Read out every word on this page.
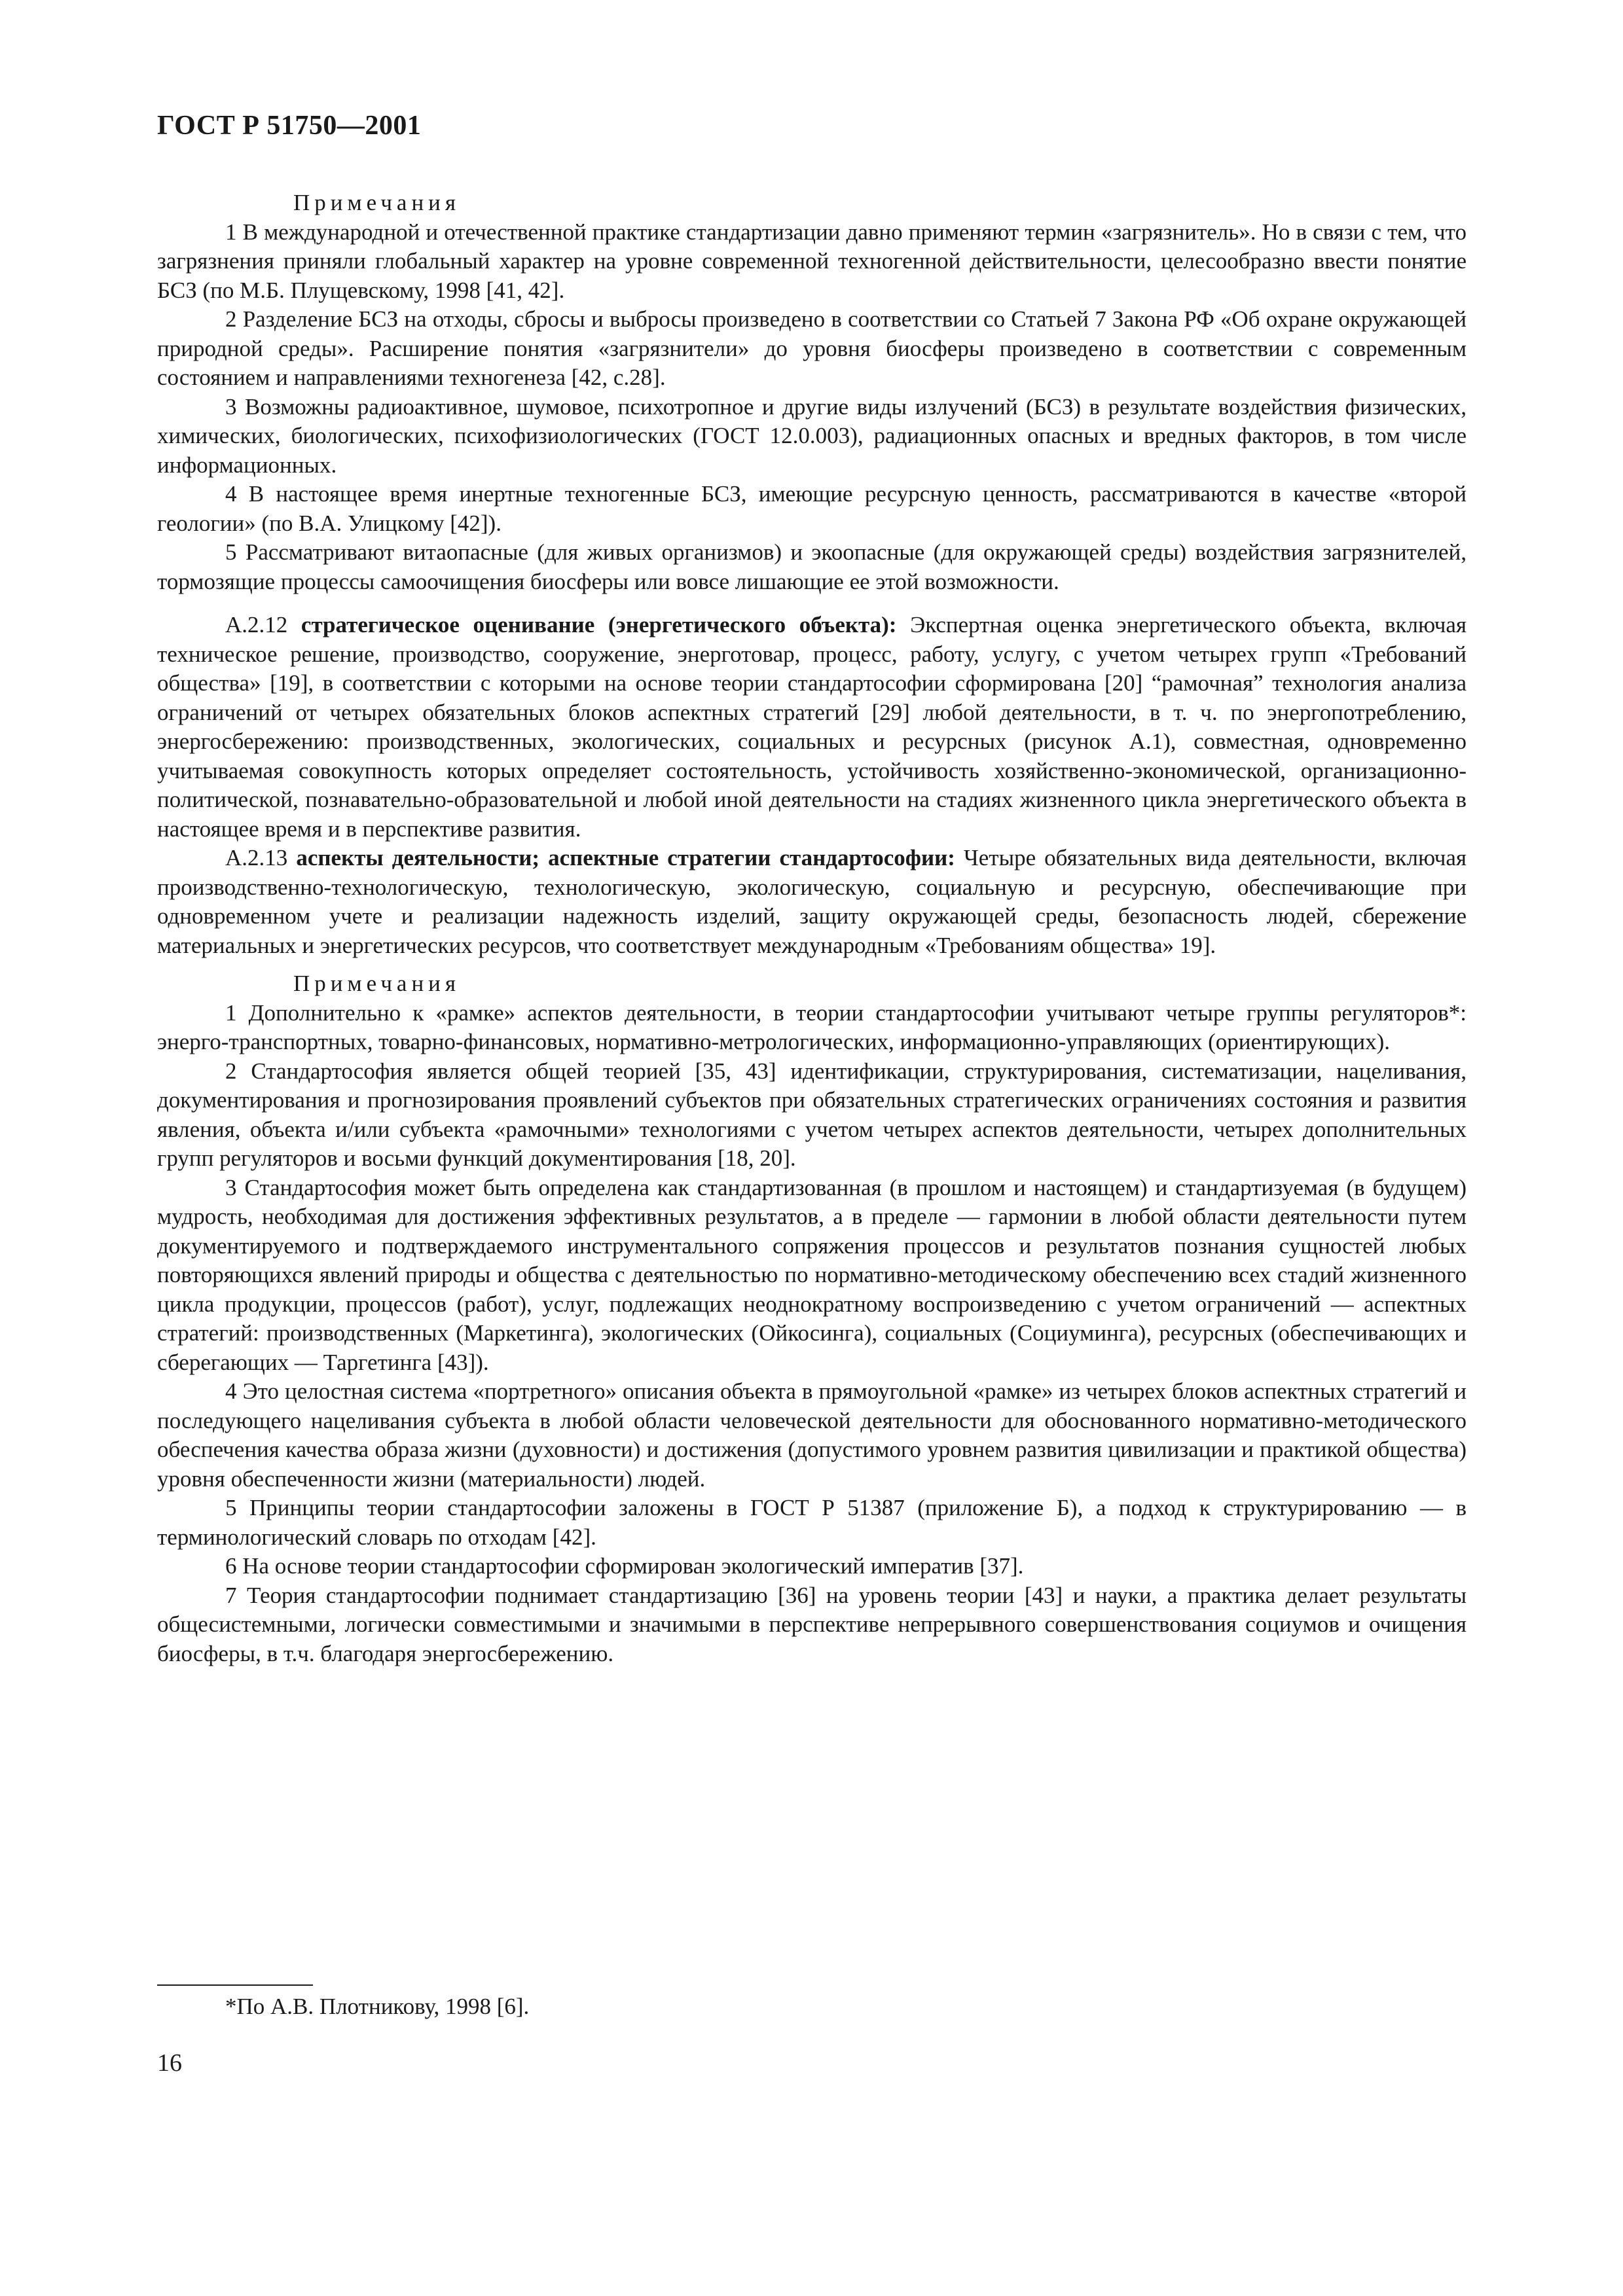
ГОСТ Р 51750—2001

Примечания

1 В международной и отечественной практике стандартизации давно применяют термин «загрязнитель». Но в связи с тем, что загрязнения приняли глобальный характер на уровне современной техногенной действительности, целесообразно ввести понятие БСЗ (по М.Б. Плущевскому, 1998 [41, 42].

2 Разделение БСЗ на отходы, сбросы и выбросы произведено в соответствии со Статьей 7 Закона РФ «Об охране окружающей природной среды». Расширение понятия «загрязнители» до уровня биосферы произведено в соответствии с современным состоянием и направлениями техногенеза [42, с.28].

3 Возможны радиоактивное, шумовое, психотропное и другие виды излучений (БСЗ) в результате воздействия физических, химических, биологических, психофизиологических (ГОСТ 12.0.003), радиационных опасных и вредных факторов, в том числе информационных.

4 В настоящее время инертные техногенные БСЗ, имеющие ресурсную ценность, рассматриваются в качестве «второй геологии» (по В.А. Улицкому [42]).

5 Рассматривают витаопасные (для живых организмов) и экоопасные (для окружающей среды) воздействия загрязнителей, тормозящие процессы самоочищения биосферы или вовсе лишающие ее этой возможности.

А.2.12 стратегическое оценивание (энергетического объекта): Экспертная оценка энергетического объекта, включая техническое решение, производство, сооружение, энерготовар, процесс, работу, услугу, с учетом четырех групп «Требований общества» [19], в соответствии с которыми на основе теории стандартософии сформирована [20] “рамочная” технология анализа ограничений от четырех обязательных блоков аспектных стратегий [29] любой деятельности, в т. ч. по энергопотреблению, энергосбережению: производственных, экологических, социальных и ресурсных (рисунок А.1), совместная, одновременно учитываемая совокупность которых определяет состоятельность, устойчивость хозяйственно-экономической, организационно-политической, познавательно-образовательной и любой иной деятельности на стадиях жизненного цикла энергетического объекта в настоящее время и в перспективе развития.

А.2.13 аспекты деятельности; аспектные стратегии стандартософии: Четыре обязательных вида деятельности, включая производственно-технологическую, технологическую, экологическую, социальную и ресурсную, обеспечивающие при одновременном учете и реализации надежность изделий, защиту окружающей среды, безопасность людей, сбережение материальных и энергетических ресурсов, что соответствует международным «Требованиям общества» 19].

Примечания

1 Дополнительно к «рамке» аспектов деятельности, в теории стандартософии учитывают четыре группы регуляторов*: энерго-транспортных, товарно-финансовых, нормативно-метрологических, информационно-управляющих (ориентирующих).

2 Стандартософия является общей теорией [35, 43] идентификации, структурирования, систематизации, нацеливания, документирования и прогнозирования проявлений субъектов при обязательных стратегических ограничениях состояния и развития явления, объекта и/или субъекта «рамочными» технологиями с учетом четырех аспектов деятельности, четырех дополнительных групп регуляторов и восьми функций документирования [18, 20].

3 Стандартософия может быть определена как стандартизованная (в прошлом и настоящем) и стандартизуемая (в будущем) мудрость, необходимая для достижения эффективных результатов, а в пределе — гармонии в любой области деятельности путем документируемого и подтверждаемого инструментального сопряжения процессов и результатов познания сущностей любых повторяющихся явлений природы и общества с деятельностью по нормативно-методическому обеспечению всех стадий жизненного цикла продукции, процессов (работ), услуг, подлежащих неоднократному воспроизведению с учетом ограничений — аспектных стратегий: производственных (Маркетинга), экологических (Ойкосинга), социальных (Социуминга), ресурсных (обеспечивающих и сберегающих — Таргетинга [43]).

4 Это целостная система «портретного» описания объекта в прямоугольной «рамке» из четырех блоков аспектных стратегий и последующего нацеливания субъекта в любой области человеческой деятельности для обоснованного нормативно-методического обеспечения качества образа жизни (духовности) и достижения (допустимого уровнем развития цивилизации и практикой общества) уровня обеспеченности жизни (материальности) людей.

5 Принципы теории стандартософии заложены в ГОСТ Р 51387 (приложение Б), а подход к структурированию — в терминологический словарь по отходам [42].

6 На основе теории стандартософии сформирован экологический императив [37].

7 Теория стандартософии поднимает стандартизацию [36] на уровень теории [43] и науки, а практика делает результаты общесистемными, логически совместимыми и значимыми в перспективе непрерывного совершенствования социумов и очищения биосферы, в т.ч. благодаря энергосбережению.

*По А.В. Плотникову, 1998 [6].
16
